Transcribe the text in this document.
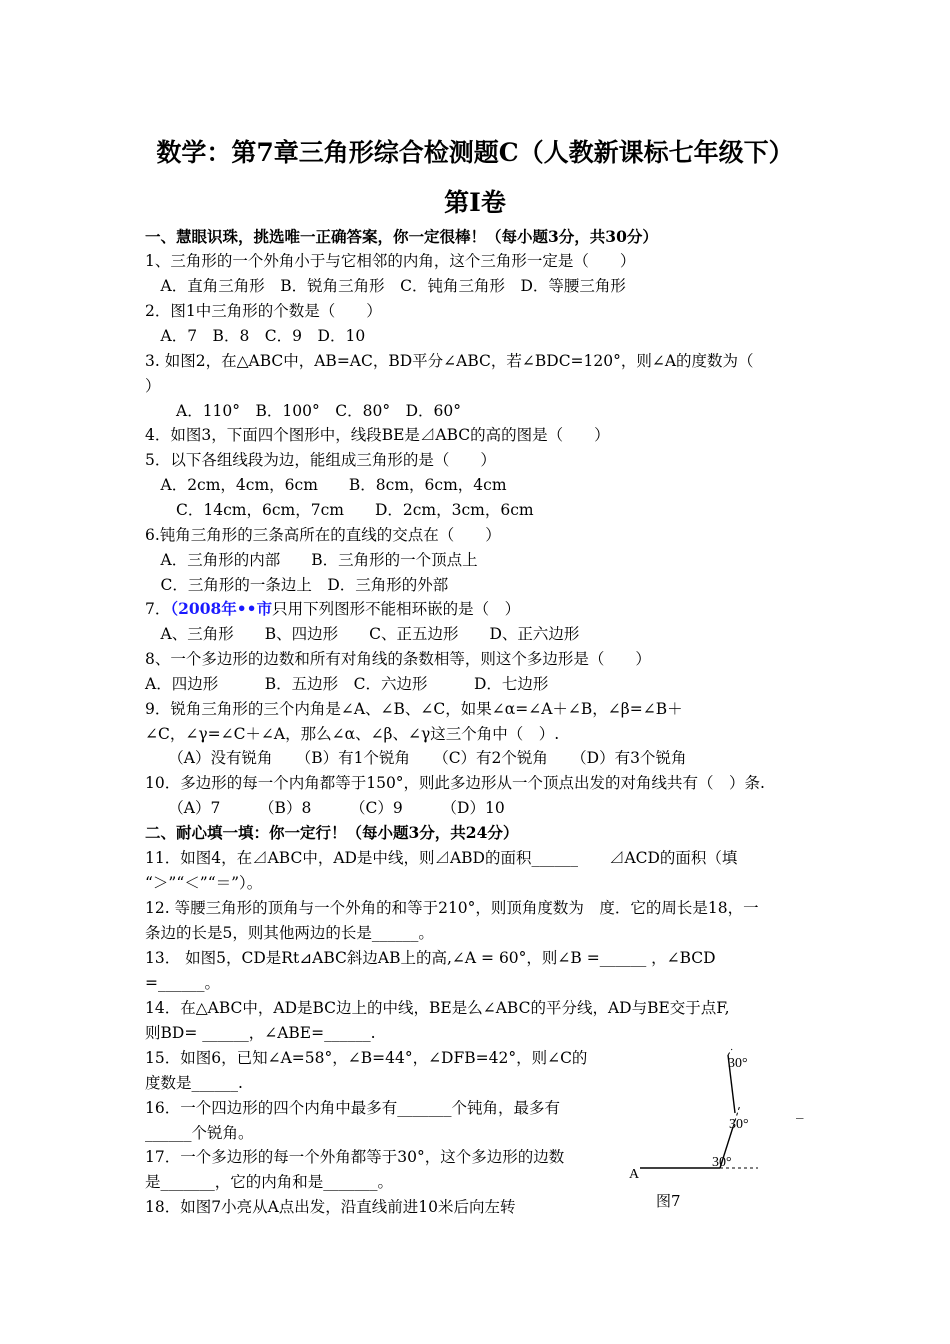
数学：第7章三角形综合检测题C（人教新课标七年级下）
第Ⅰ卷
一、慧眼识珠，挑选唯一正确答案，你一定很棒！（每小题3分，共30分）
1、三角形的一个外角小于与它相邻的内角，这个三角形一定是（　　）
　A．直角三角形　B．锐角三角形　C．钝角三角形　D．等腰三角形
2．图1中三角形的个数是（　　）
　A．7　B．8　C．9　D．10
3. 如图2，在△ABC中，AB=AC，BD平分∠ABC，若∠BDC=120°，则∠A的度数为（
）
　　A．110°　B．100°　C．80°　D．60°
4．如图3，下面四个图形中，线段BE是⊿ABC的高的图是（　　）
5．以下各组线段为边，能组成三角形的是（　　）
　A．2cm，4cm，6cm　　B．8cm，6cm，4cm
　　C．14cm，6cm，7cm　　D．2cm，3cm，6cm
6.钝角三角形的三条高所在的直线的交点在（　　）
　A．三角形的内部　　B．三角形的一个顶点上
　C．三角形的一条边上　D．三角形的外部
7．（2008年••市只用下列图形不能相环嵌的是（　）
　A、三角形　　B、四边形　　C、正五边形　　D、正六边形
8、一个多边形的边数和所有对角线的条数相等，则这个多边形是（　　）
A．四边形　　　B．五边形　C．六边形　　　D．七边形
9．锐角三角形的三个内角是∠A、∠B、∠C，如果∠α=∠A＋∠B，∠β=∠B＋
∠C，∠γ=∠C＋∠A，那么∠α、∠β、∠γ这三个角中（　）.
　　（A）没有锐角　　（B）有1个锐角　　（C）有2个锐角　　（D）有3个锐角
10．多边形的每一个内角都等于150°，则此多边形从一个顶点出发的对角线共有（　）条.
　　（A）7　　　（B）8　　　（C）9　　　（D）10
二、耐心填一填：你一定行！（每小题3分，共24分）
11．如图4，在⊿ABC中，AD是中线，则⊿ABD的面积______　　⊿ACD的面积（填
“＞”“＜”“＝”）。
12. 等腰三角形的顶角与一个外角的和等于210°，则顶角度数为　度．它的周长是18，一
条边的长是5，则其他两边的长是______。
13． 如图5，CD是Rt⊿ABC斜边AB上的高,∠A = 60°，则∠B =______ ，∠BCD
=______。
14．在△ABC中，AD是BC边上的中线，BE是么∠ABC的平分线，AD与BE交于点F,
则BD= ______，∠ABE=______.
15．如图6，已知∠A=58°，∠B=44°，∠DFB=42°，则∠C的
度数是______.
16．一个四边形的四个内角中最多有_______个钝角，最多有
______个锐角。
17．一个多边形的每一个外角都等于30°，这个多边形的边数
是_______，它的内角和是_______。
18．如图7小亮从A点出发，沿直线前进10米后向左转
30°
30°
30°
A
图7
_
